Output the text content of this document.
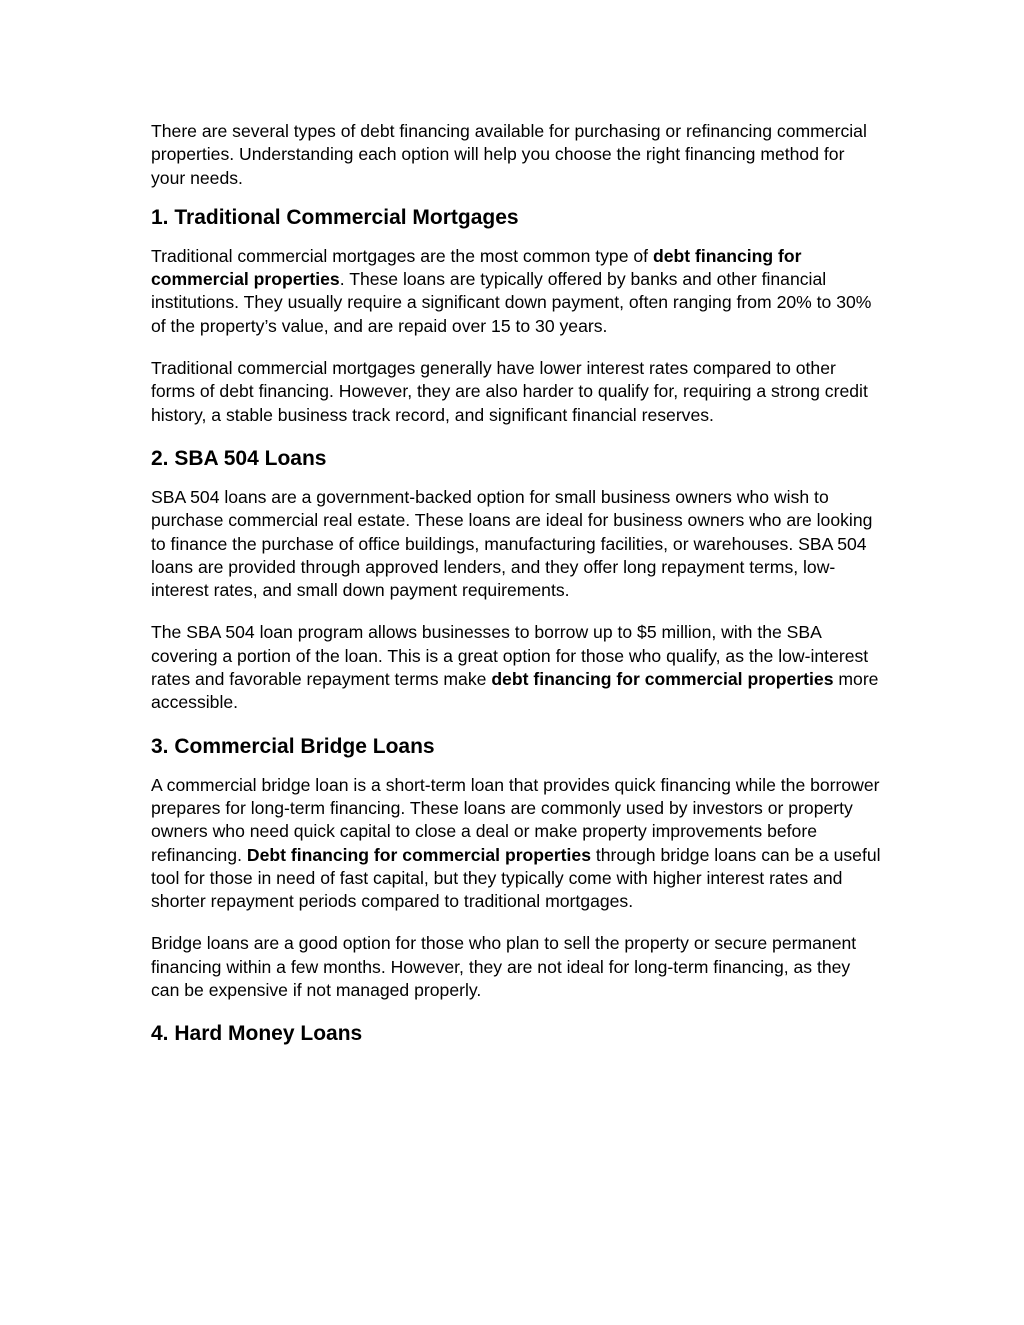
There are several types of debt financing available for purchasing or refinancing commercial properties. Understanding each option will help you choose the right financing method for your needs.

1. Traditional Commercial Mortgages

Traditional commercial mortgages are the most common type of debt financing for commercial properties. These loans are typically offered by banks and other financial institutions. They usually require a significant down payment, often ranging from 20% to 30% of the property’s value, and are repaid over 15 to 30 years.

Traditional commercial mortgages generally have lower interest rates compared to other forms of debt financing. However, they are also harder to qualify for, requiring a strong credit history, a stable business track record, and significant financial reserves.

2. SBA 504 Loans

SBA 504 loans are a government-backed option for small business owners who wish to purchase commercial real estate. These loans are ideal for business owners who are looking to finance the purchase of office buildings, manufacturing facilities, or warehouses. SBA 504 loans are provided through approved lenders, and they offer long repayment terms, low-interest rates, and small down payment requirements.

The SBA 504 loan program allows businesses to borrow up to $5 million, with the SBA covering a portion of the loan. This is a great option for those who qualify, as the low-interest rates and favorable repayment terms make debt financing for commercial properties more accessible.

3. Commercial Bridge Loans

A commercial bridge loan is a short-term loan that provides quick financing while the borrower prepares for long-term financing. These loans are commonly used by investors or property owners who need quick capital to close a deal or make property improvements before refinancing. Debt financing for commercial properties through bridge loans can be a useful tool for those in need of fast capital, but they typically come with higher interest rates and shorter repayment periods compared to traditional mortgages.

Bridge loans are a good option for those who plan to sell the property or secure permanent financing within a few months. However, they are not ideal for long-term financing, as they can be expensive if not managed properly.

4. Hard Money Loans
